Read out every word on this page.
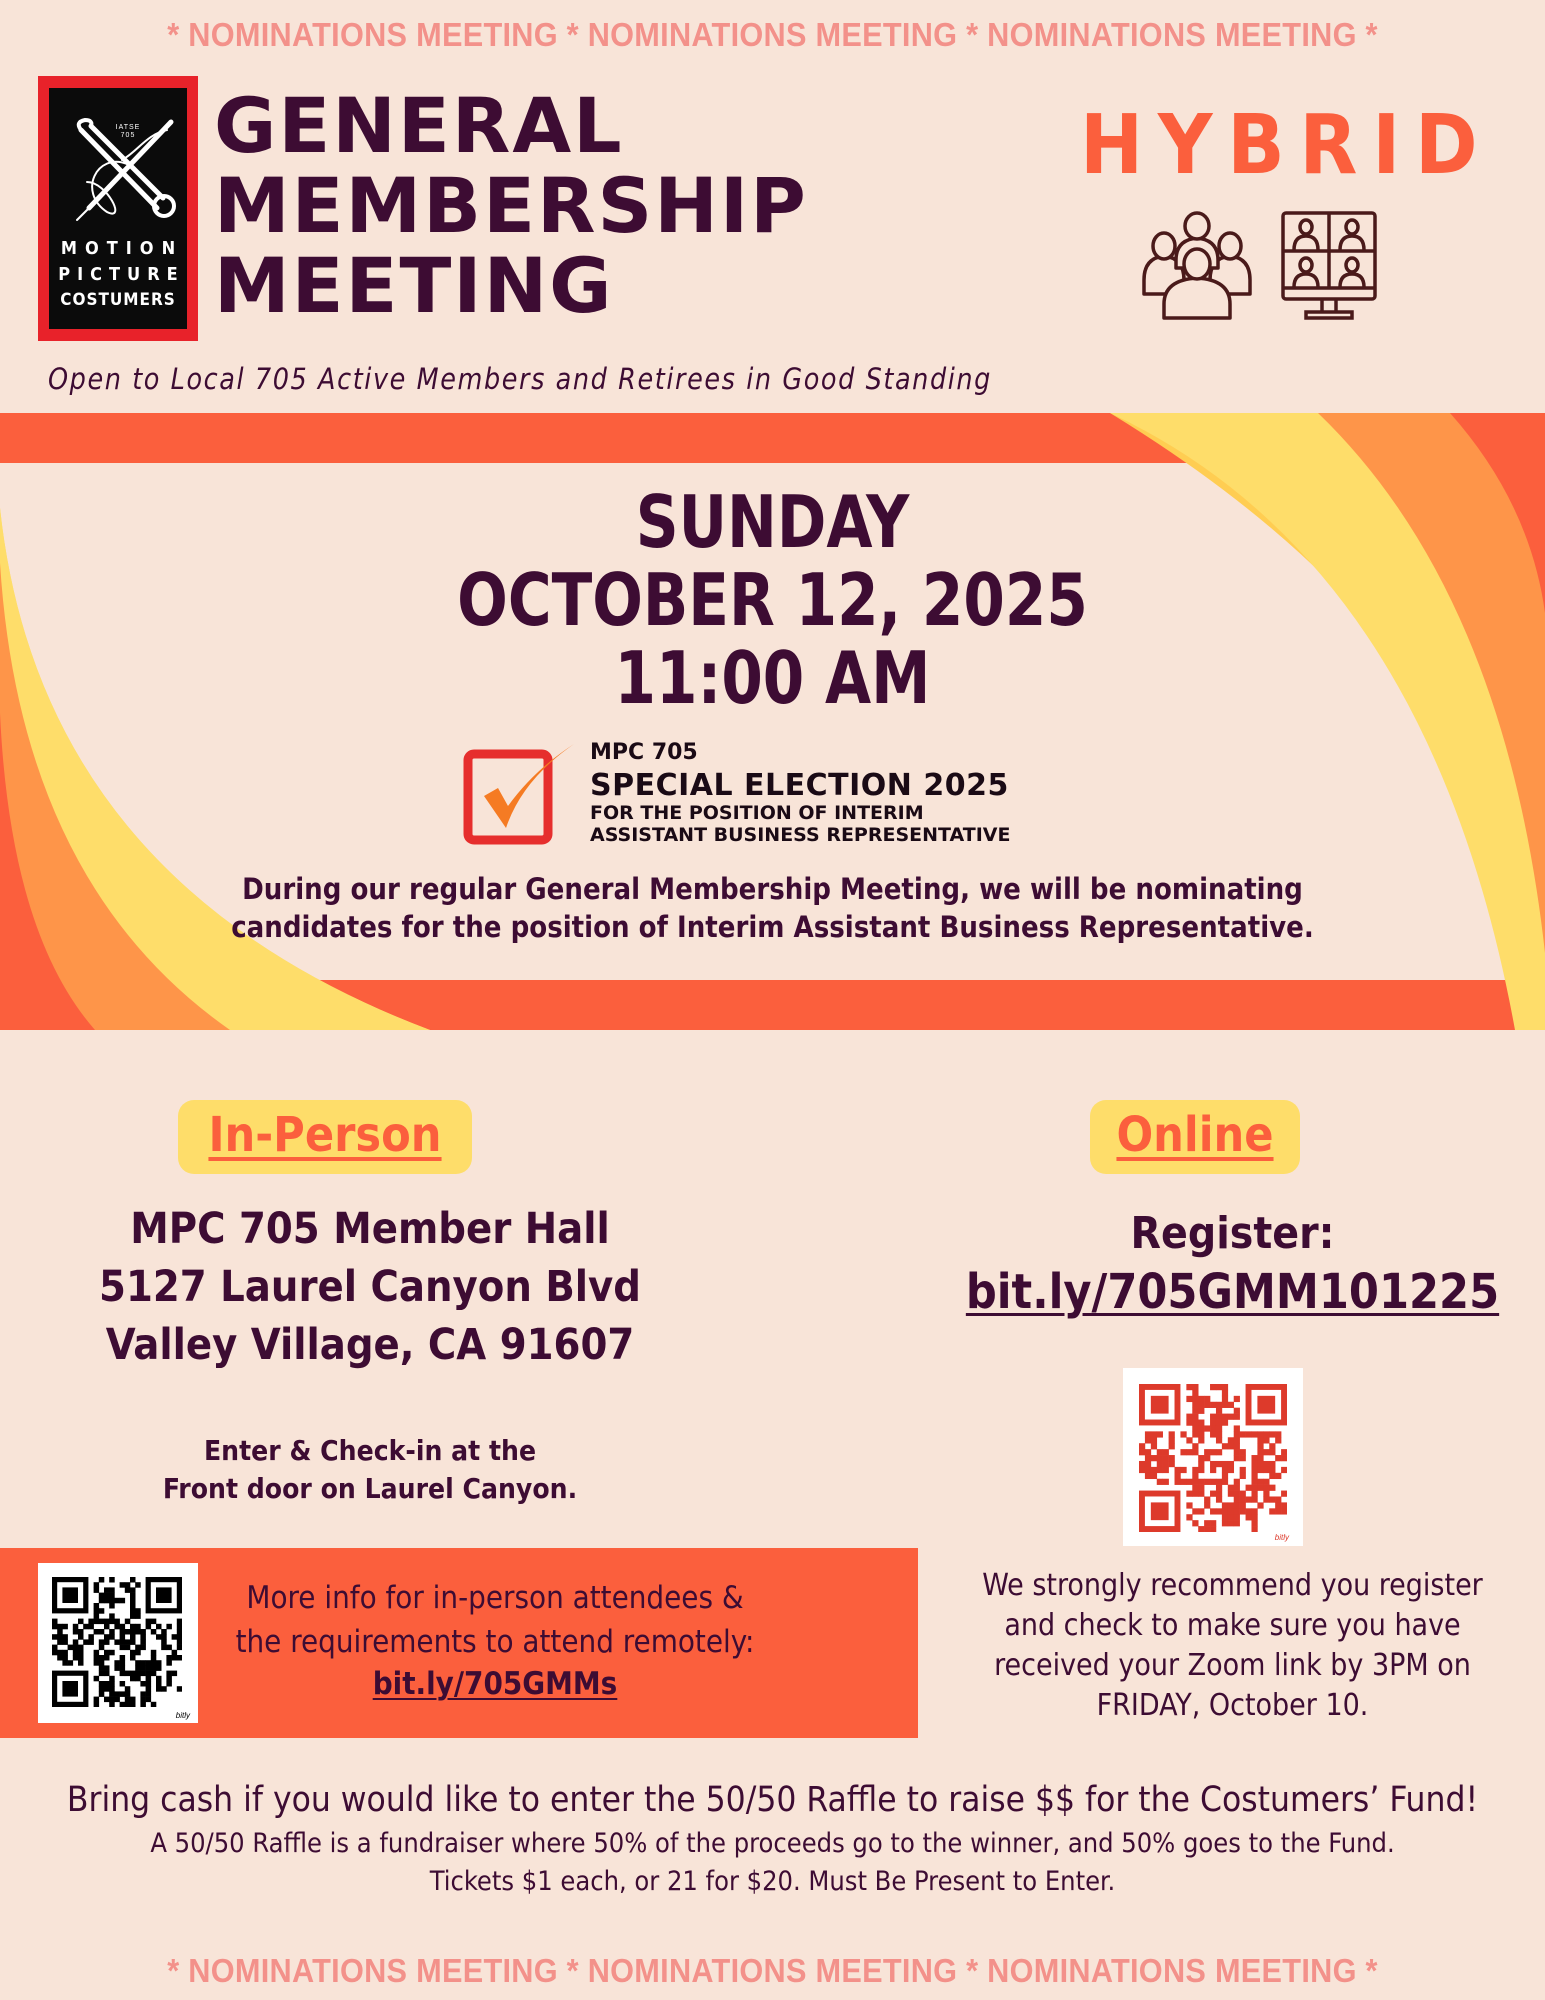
* NOMINATIONS MEETING * NOMINATIONS MEETING * NOMINATIONS MEETING *
IATSE
705
MOTION
PICTURE
COSTUMERS
GENERAL
MEMBERSHIP
MEETING
HYBRID
Open to Local 705 Active Members and Retirees in Good Standing
SUNDAY
OCTOBER 12, 2025
11:00 AM
MPC 705
SPECIAL ELECTION 2025
FOR THE POSITION OF INTERIM
ASSISTANT BUSINESS REPRESENTATIVE
During our regular General Membership Meeting, we will be nominating
candidates for the position of Interim Assistant Business Representative.
In-Person
MPC 705 Member Hall
5127 Laurel Canyon Blvd
Valley Village, CA 91607
Enter & Check-in at the
Front door on Laurel Canyon.
Online
Register:
bit.ly/705GMM101225
bitly
bitly
More info for in-person attendees &
the requirements to attend remotely:
bit.ly/705GMMs
We strongly recommend you register
and check to make sure you have
received your Zoom link by 3PM on
FRIDAY, October 10.
Bring cash if you would like to enter the 50/50 Raffle to raise $$ for the Costumers’ Fund!
A 50/50 Raffle is a fundraiser where 50% of the proceeds go to the winner, and 50% goes to the Fund.
Tickets $1 each, or 21 for $20. Must Be Present to Enter.
* NOMINATIONS MEETING * NOMINATIONS MEETING * NOMINATIONS MEETING *
